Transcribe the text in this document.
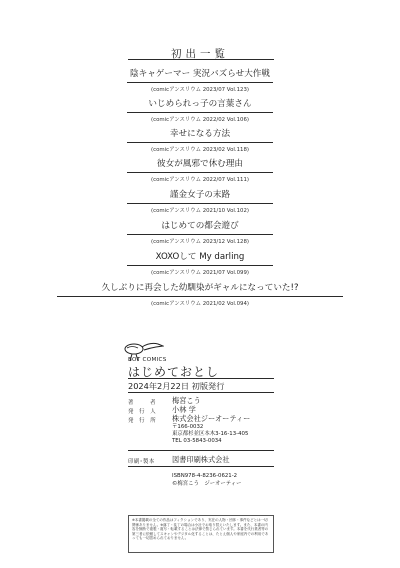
初出一覧
陰キャゲーマー 実況バズらせ大作戦
(comicアンスリウム 2023/07 Vol.123)
いじめられっ子の言葉さん
(comicアンスリウム 2022/02 Vol.106)
幸せになる方法
(comicアンスリウム 2023/02 Vol.118)
彼女が風邪で休む理由
(comicアンスリウム 2022/07 Vol.111)
謹金女子の末路
(comicアンスリウム 2021/10 Vol.102)
はじめての都会遊び
(comicアンスリウム 2023/12 Vol.128)
XOXOして My darling
(comicアンスリウム 2021/07 Vol.099)
久しぶりに再会した幼馴染がギャルになっていた!?
(comicアンスリウム 2021/02 Vol.094)
BOT COMICS
はじめておとし
2024年2月22日 初版発行
著　　者 梅宮こう
発 行 人 小林 学
発 行 所 株式会社ジーオーティー
〒166-0032
東京都杉並区本木3-16-13-405
TEL 03-5843-0034
印刷･製本 図書印刷株式会社
ISBN978-4-8236-0621-2
©梅宮こう　ジーオーティー
※本書掲載の全ての作品はフィクションであり、実在の人物・団体・事件などとは一切関係ありません。※落丁・乱丁の場合は小社でお取り替えいたします。また、本書の内容を無断で複製・複写・転載することは法律で禁じられています。本書を代行業者等の第三者に依頼してスキャンやデジタル化することは、たとえ個人や家庭内での利用であっても一切認められておりません。
